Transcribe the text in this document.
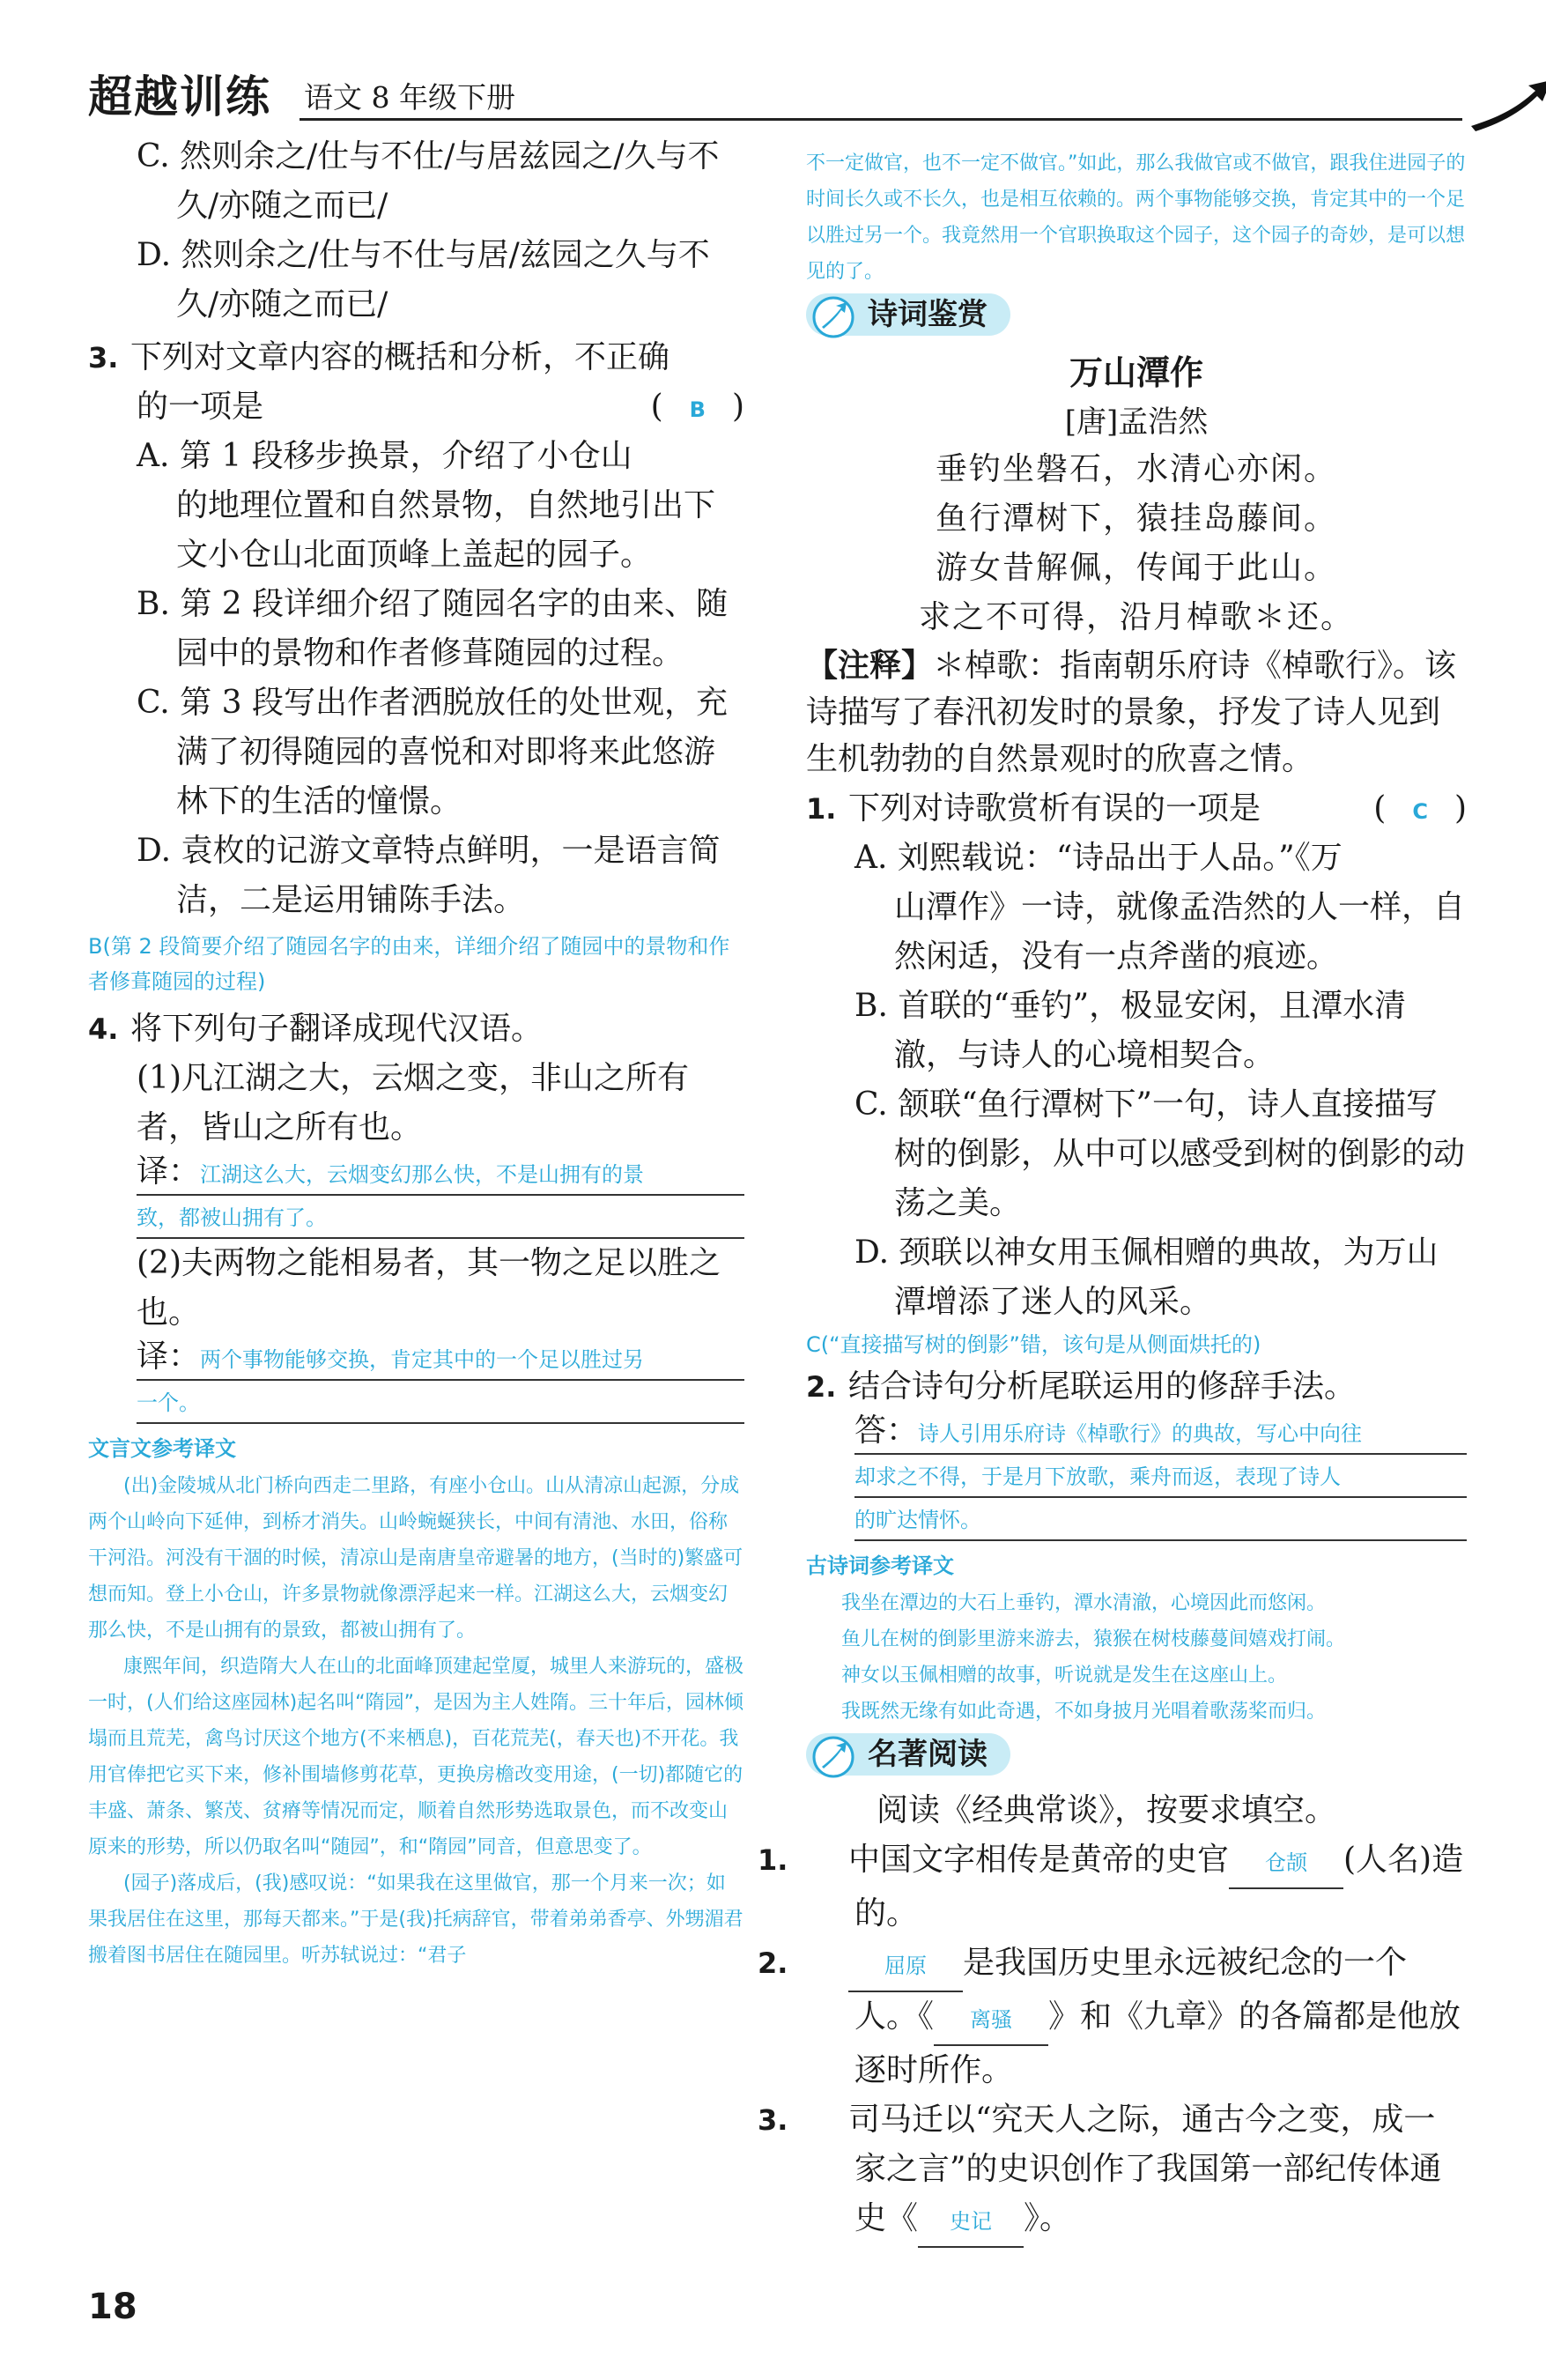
超越训练 语文 8 年级下册
C. 然则余之/仕与不仕/与居兹园之/久与不久/亦随之而已/
D. 然则余之/仕与不仕与居/兹园之久与不久/亦随之而已/
3. 下列对文章内容的概括和分析，不正确
的一项是	( B )
A. 第 1 段移步换景，介绍了小仓山的地理位置和自然景物，自然地引出下文小仓山北面顶峰上盖起的园子。
B. 第 2 段详细介绍了随园名字的由来、随园中的景物和作者修葺随园的过程。
C. 第 3 段写出作者洒脱放任的处世观，充满了初得随园的喜悦和对即将来此悠游林下的生活的憧憬。
D. 袁枚的记游文章特点鲜明，一是语言简洁，二是运用铺陈手法。
B(第 2 段简要介绍了随园名字的由来，详细介绍了随园中的景物和作者修葺随园的过程)
4. 将下列句子翻译成现代汉语。
(1)凡江湖之大，云烟之变，非山之所有者，皆山之所有也。
译：江湖这么大，云烟变幻那么快，不是山拥有的景
致，都被山拥有了。
(2)夫两物之能相易者，其一物之足以胜之也。
译：两个事物能够交换，肯定其中的一个足以胜过另
一个。
文言文参考译文

(出)金陵城从北门桥向西走二里路，有座小仓山。山从清凉山起源，分成两个山岭向下延伸，到桥才消失。山岭蜿蜒狭长，中间有清池、水田，俗称干河沿。河没有干涸的时候，清凉山是南唐皇帝避暑的地方，(当时的)繁盛可想而知。登上小仓山，许多景物就像漂浮起来一样。江湖这么大，云烟变幻那么快，不是山拥有的景致，都被山拥有了。

康熙年间，织造隋大人在山的北面峰顶建起堂厦，城里人来游玩的，盛极一时，(人们给这座园林)起名叫“隋园”，是因为主人姓隋。三十年后，园林倾塌而且荒芜，禽鸟讨厌这个地方(不来栖息)，百花荒芜(，春天也)不开花。我用官俸把它买下来，修补围墙修剪花草，更换房檐改变用途，(一切)都随它的丰盛、萧条、繁茂、贫瘠等情况而定，顺着自然形势选取景色，而不改变山原来的形势，所以仍取名叫“随园”，和“隋园”同音，但意思变了。

(园子)落成后，(我)感叹说：“如果我在这里做官，那一个月来一次；如果我居住在这里，那每天都来。”于是(我)托病辞官，带着弟弟香亭、外甥湄君搬着图书居住在随园里。听苏轼说过：“君子

不一定做官，也不一定不做官。”如此，那么我做官或不做官，跟我住进园子的时间长久或不长久，也是相互依赖的。两个事物能够交换，肯定其中的一个足以胜过另一个。我竟然用一个官职换取这个园子，这个园子的奇妙，是可以想见的了。
诗词鉴赏
万山潭作
[唐]孟浩然
垂钓坐磐石，水清心亦闲。
鱼行潭树下，猿挂岛藤间。
游女昔解佩，传闻于此山。
求之不可得，沿月棹歌＊还。
【注释】＊棹歌：指南朝乐府诗《棹歌行》。该诗描写了春汛初发时的景象，抒发了诗人见到生机勃勃的自然景观时的欣喜之情。
1. 下列对诗歌赏析有误的一项是	( C )
A. 刘熙载说：“诗品出于人品。”《万山潭作》一诗，就像孟浩然的人一样，自然闲适，没有一点斧凿的痕迹。
B. 首联的“垂钓”，极显安闲，且潭水清澈，与诗人的心境相契合。
C. 颔联“鱼行潭树下”一句，诗人直接描写树的倒影，从中可以感受到树的倒影的动荡之美。
D. 颈联以神女用玉佩相赠的典故，为万山潭增添了迷人的风采。
C(“直接描写树的倒影”错，该句是从侧面烘托的)
2. 结合诗句分析尾联运用的修辞手法。
答：诗人引用乐府诗《棹歌行》的典故，写心中向往
却求之不得，于是月下放歌，乘舟而返，表现了诗人
的旷达情怀。
古诗词参考译文
我坐在潭边的大石上垂钓，潭水清澈，心境因此而悠闲。
鱼儿在树的倒影里游来游去，猿猴在树枝藤蔓间嬉戏打闹。
神女以玉佩相赠的故事，听说就是发生在这座山上。
我既然无缘有如此奇遇，不如身披月光唱着歌荡桨而归。
名著阅读
阅读《经典常谈》，按要求填空。
1. 中国文字相传是黄帝的史官 仓颉 (人名)造的。
2.	屈原 是我国历史里永远被纪念的一个人。《 离骚 》和《九章》的各篇都是他放逐时所作。
3. 司马迁以“究天人之际，通古今之变，成一家之言”的史识创作了我国第一部纪传体通史《 史记 》。
18
